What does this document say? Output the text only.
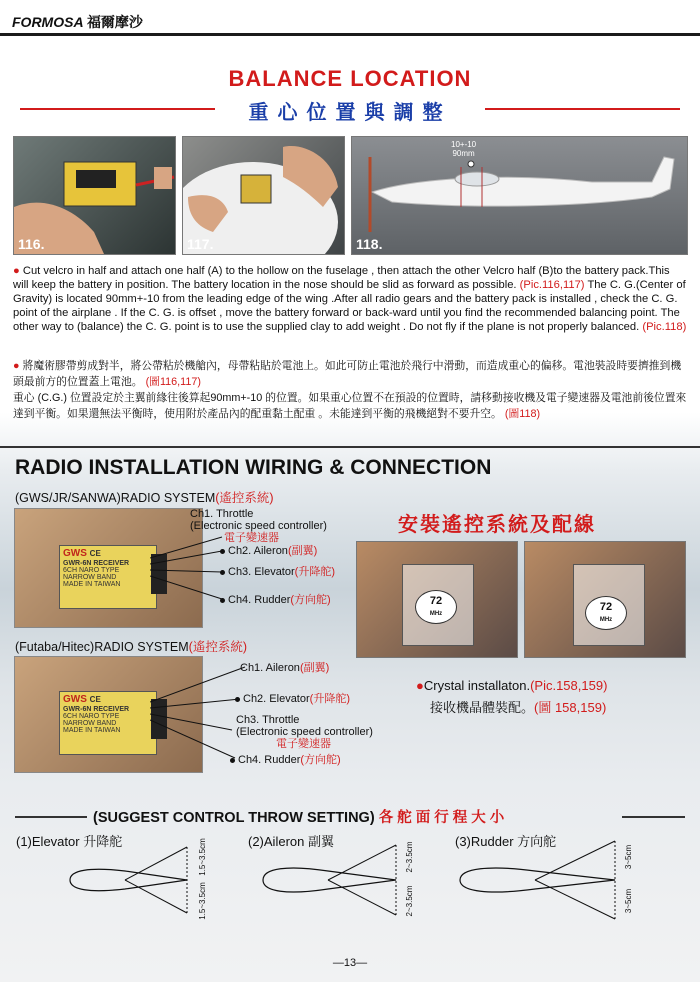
FORMOSA 福爾摩沙
BALANCE LOCATION
重心位置與調整
116.	117.
10+-10
90mm
118.
● Cut velcro in half and attach one half (A) to the hollow on the fuselage , then attach the other Velcro half (B)to the battery pack.This will keep the battery in position. The battery location in the nose should be slid as forward as possible. (Pic.116,117) The C. G.(Center of Gravity) is located 90mm+-10 from the leading edge of the wing .After all radio gears and the battery pack is installed , check the C. G. point of the airplane . If the C. G. is offset , move the battery forward or back-ward until you find the recommended balancing point. The other way to (balance) the C. G. point is to use the supplied clay to add weight . Do not fly if the plane is not properly balanced. (Pic.118)
● 將魔術膠帶剪成對半，將公帶粘於機艙內，母帶粘貼於電池上。如此可防止電池於飛行中滑動，而造成重心的偏移。電池裝設時要擠推到機頭最前方的位置蓋上電池。 (圖116,117)
重心 (C.G.) 位置設定於主翼前緣往後算起90mm+-10 的位置。如果重心位置不在預設的位置時，請移動接收機及電子變速器及電池前後位置來達到平衡。如果還無法平衡時，使用附於產品內的配重黏土配重 。未能達到平衡的飛機絕對不要升空。 (圖118)
RADIO INSTALLATION WIRING & CONNECTION
(GWS/JR/SANWA)RADIO SYSTEM(遙控系統)
GWS CE
GWR-6N RECEIVER
6CH NARO TYPE
NARROW BAND
MADE IN TAIWAN
Ch1. Throttle
(Electronic speed controller)
電子變速器
Ch2. Aileron(副翼)
Ch3. Elevator(升降舵)
Ch4. Rudder(方向舵)
安裝遙控系統及配線
72
MHz
72
MHz
(Futaba/Hitec)RADIO SYSTEM(遙控系統)
GWS CE
GWR-6N RECEIVER
6CH NARO TYPE
NARROW BAND
MADE IN TAIWAN
Ch1. Aileron(副翼)
Ch2. Elevator(升降舵)
Ch3. Throttle
(Electronic speed controller)
電子變速器
Ch4. Rudder(方向舵)
●Crystal installaton.(Pic.158,159)
接收機晶體裝配。(圖 158,159)
(SUGGEST CONTROL THROW SETTING) 各舵面行程大小
(1)Elevator 升降舵	(2)Aileron 副翼	(3)Rudder 方向舵
1.5~3.5cm
1.5~3.5cm
2~3.5cm
2~3.5cm
3~5cm
3~5cm
—13—
